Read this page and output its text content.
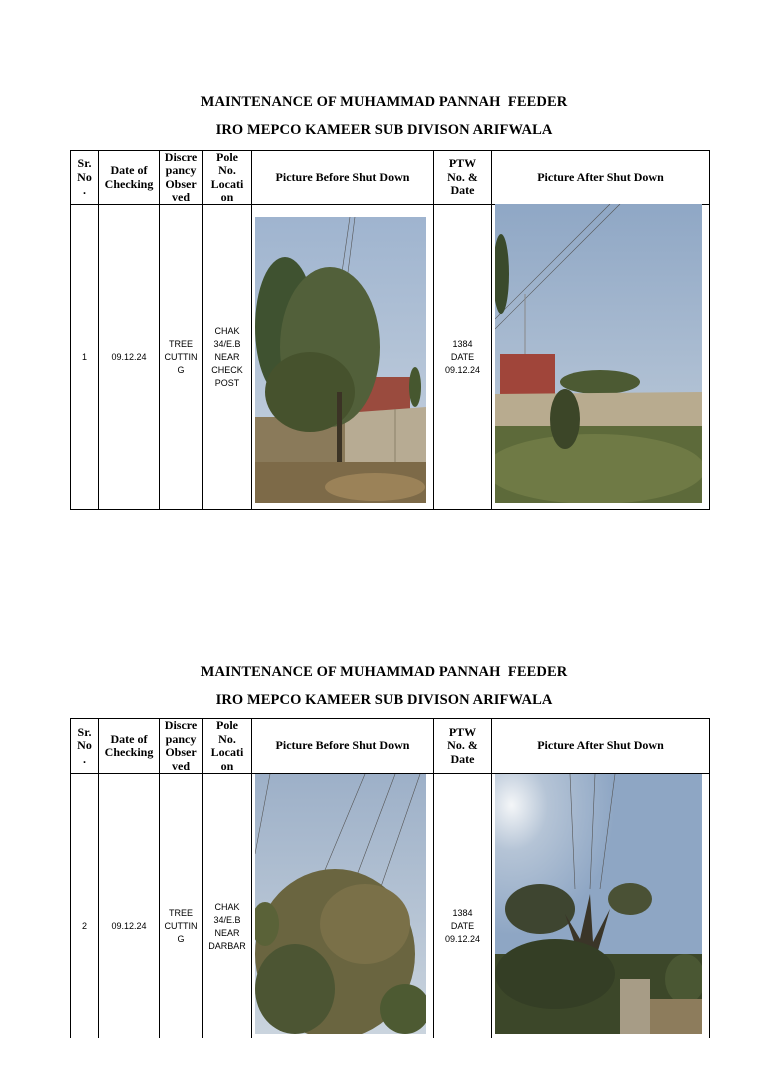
MAINTENANCE OF MUHAMMAD PANNAH  FEEDER
IRO MEPCO KAMEER SUB DIVISON ARIFWALA
Sr.
No
.
Date of
Checking
Discre
pancy
Obser
ved
Pole
No.
Locati
on
Picture Before Shut Down
PTW
No. &
Date
Picture After Shut Down
1	09.12.24
TREE
CUTTIN
G
CHAK
34/E.B
NEAR
CHECK
POST
1384
DATE
09.12.24
MAINTENANCE OF MUHAMMAD PANNAH  FEEDER
IRO MEPCO KAMEER SUB DIVISON ARIFWALA
Sr.
No
.
Date of
Checking
Discre
pancy
Obser
ved
Pole
No.
Locati
on
Picture Before Shut Down
PTW
No. &
Date
Picture After Shut Down
2	09.12.24
TREE
CUTTIN
G
CHAK
34/E.B
NEAR
DARBAR
1384
DATE
09.12.24
